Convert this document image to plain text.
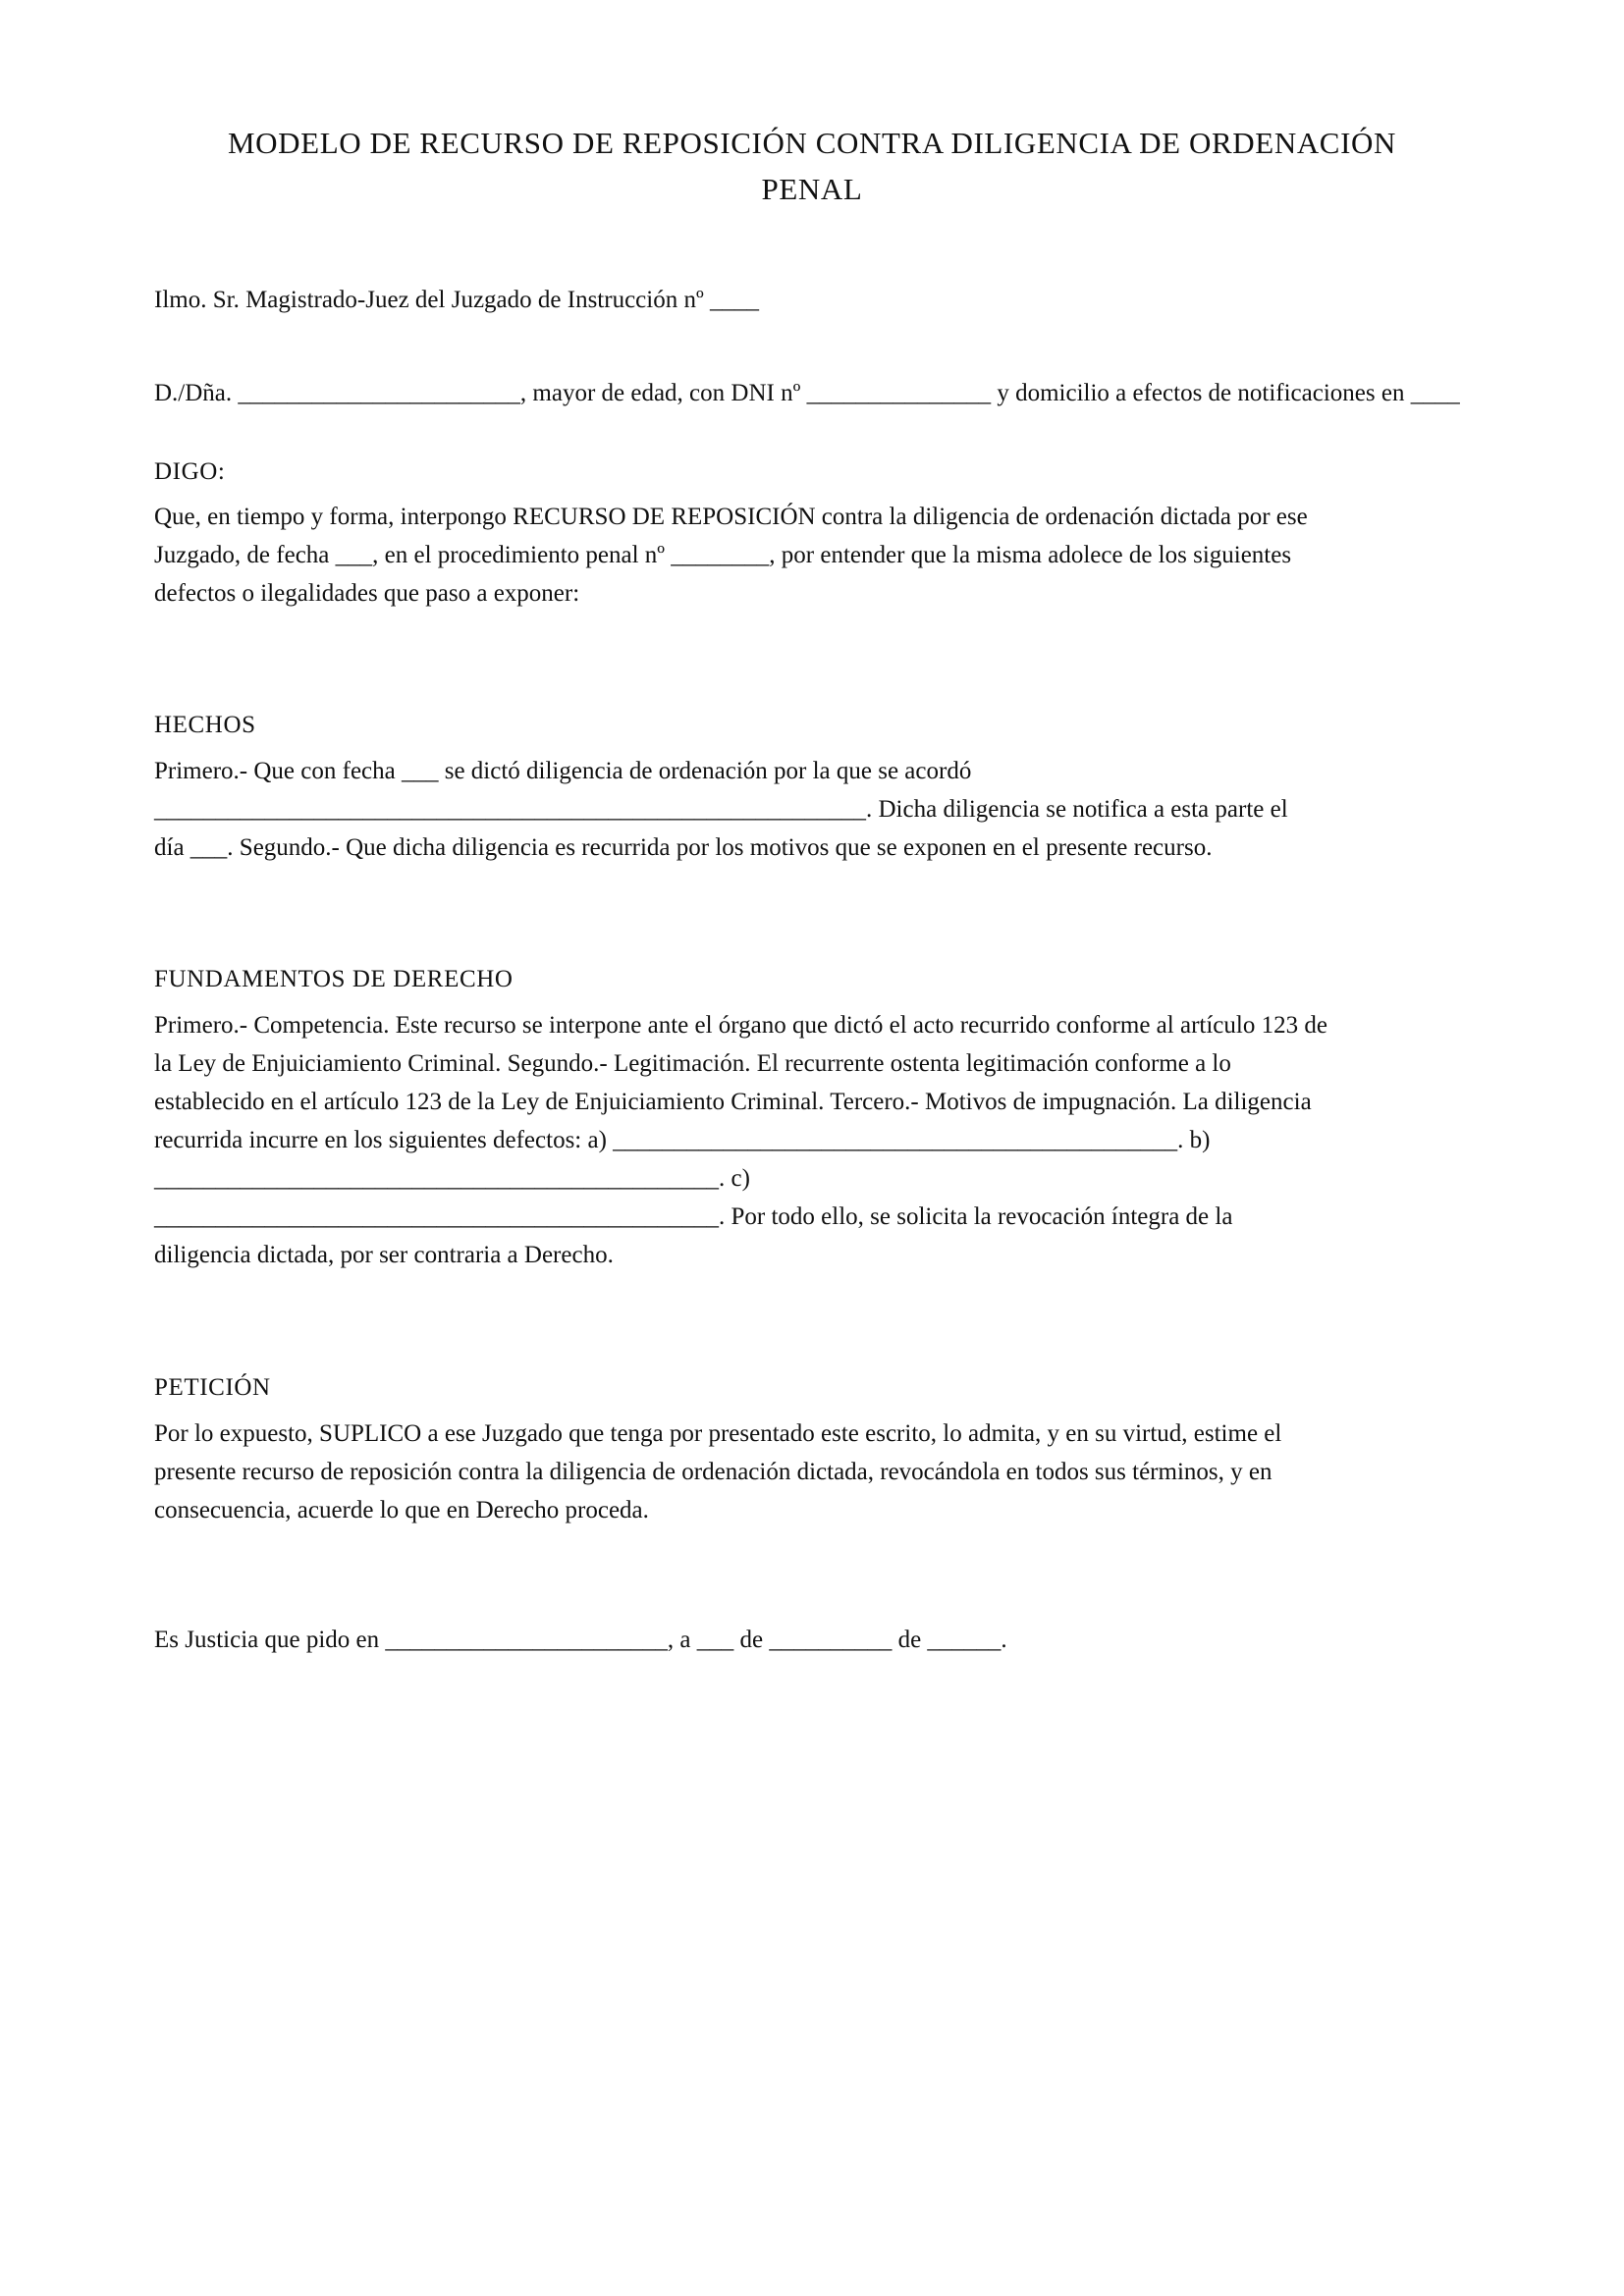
MODELO DE RECURSO DE REPOSICIÓN CONTRA DILIGENCIA DE ORDENACIÓN
PENAL

Ilmo. Sr. Magistrado-Juez del Juzgado de Instrucción nº ____

D./Dña. _______________________, mayor de edad, con DNI nº _______________ y domicilio a efectos de notificaciones en ____

DIGO:

Que, en tiempo y forma, interpongo RECURSO DE REPOSICIÓN contra la diligencia de ordenación dictada por ese

Juzgado, de fecha ___, en el procedimiento penal nº ________, por entender que la misma adolece de los siguientes

defectos o ilegalidades que paso a exponer:

HECHOS

Primero.- Que con fecha ___ se dictó diligencia de ordenación por la que se acordó

__________________________________________________________. Dicha diligencia se notifica a esta parte el

día ___. Segundo.- Que dicha diligencia es recurrida por los motivos que se exponen en el presente recurso.

FUNDAMENTOS DE DERECHO

Primero.- Competencia. Este recurso se interpone ante el órgano que dictó el acto recurrido conforme al artículo 123 de

la Ley de Enjuiciamiento Criminal. Segundo.- Legitimación. El recurrente ostenta legitimación conforme a lo

establecido en el artículo 123 de la Ley de Enjuiciamiento Criminal. Tercero.- Motivos de impugnación. La diligencia

recurrida incurre en los siguientes defectos: a) ______________________________________________. b)

______________________________________________. c)

______________________________________________. Por todo ello, se solicita la revocación íntegra de la

diligencia dictada, por ser contraria a Derecho.

PETICIÓN

Por lo expuesto, SUPLICO a ese Juzgado que tenga por presentado este escrito, lo admita, y en su virtud, estime el

presente recurso de reposición contra la diligencia de ordenación dictada, revocándola en todos sus términos, y en

consecuencia, acuerde lo que en Derecho proceda.

Es Justicia que pido en _______________________, a ___ de __________ de ______.
